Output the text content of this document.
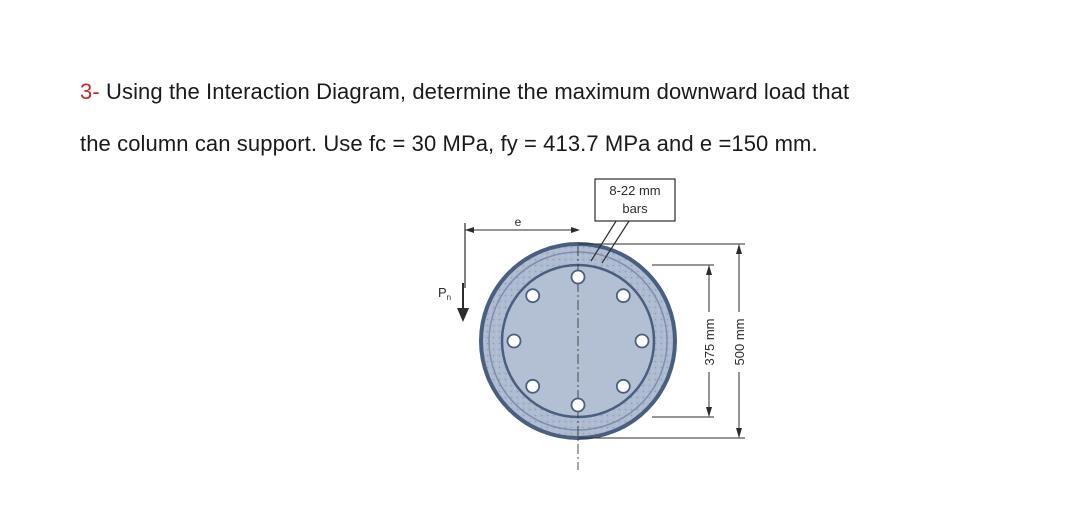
3- Using the Interaction Diagram, determine the maximum downward load that
the column can support. Use fc = 30 MPa, fy = 413.7 MPa and e =150 mm.
e
$P_n$
8-22 mm
bars
375 mm 500 mm
